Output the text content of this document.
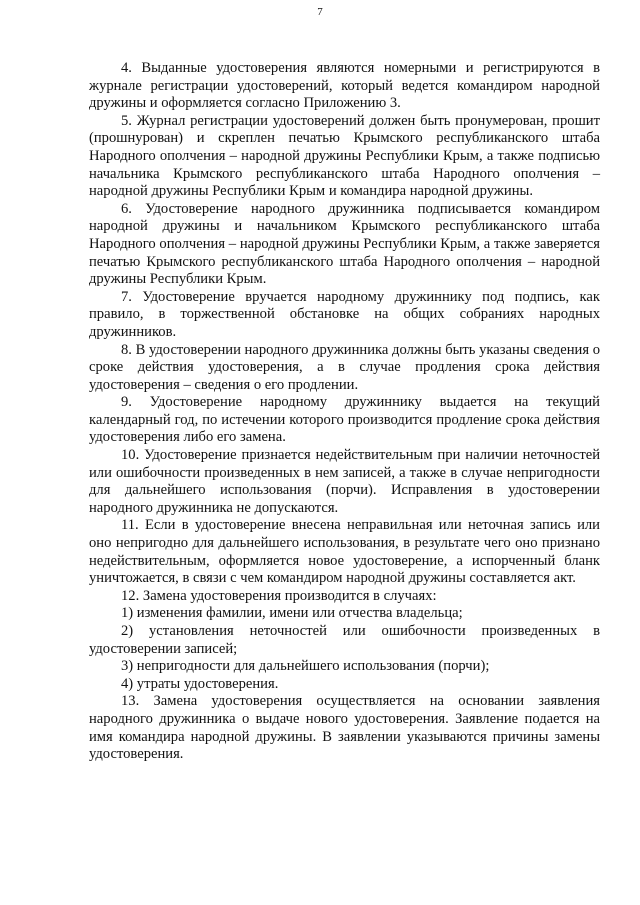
7

4. Выданные удостоверения являются номерными и регистрируются в журнале регистрации удостоверений, который ведется командиром народной дружины и оформляется согласно Приложению 3.

5. Журнал регистрации удостоверений должен быть пронумерован, прошит (прошнурован) и скреплен печатью Крымского республиканского штаба Народного ополчения – народной дружины Республики Крым, а также подписью начальника Крымского республиканского штаба Народного ополчения – народной дружины Республики Крым и командира народной дружины.

6. Удостоверение народного дружинника подписывается командиром народной дружины и начальником Крымского республиканского штаба Народного ополчения – народной дружины Республики Крым, а также заверяется печатью Крымского республиканского штаба Народного ополчения – народной дружины Республики Крым.

7. Удостоверение вручается народному дружиннику под подпись, как правило, в торжественной обстановке на общих собраниях народных дружинников.

8. В удостоверении народного дружинника должны быть указаны сведения о сроке действия удостоверения, а в случае продления срока действия удостоверения – сведения о его продлении.

9. Удостоверение народному дружиннику выдается на текущий календарный год, по истечении которого производится продление срока действия удостоверения либо его замена.

10. Удостоверение признается недействительным при наличии неточностей или ошибочности произведенных в нем записей, а также в случае непригодности для дальнейшего использования (порчи). Исправления в удостоверении народного дружинника не допускаются.

11. Если в удостоверение внесена неправильная или неточная запись или оно непригодно для дальнейшего использования, в результате чего оно признано недействительным, оформляется новое удостоверение, а испорченный бланк уничтожается, в связи с чем командиром народной дружины составляется акт.

12. Замена удостоверения производится в случаях:

1) изменения фамилии, имени или отчества владельца;

2) установления неточностей или ошибочности произведенных в удостоверении записей;

3) непригодности для дальнейшего использования (порчи);

4) утраты удостоверения.

13. Замена удостоверения осуществляется на основании заявления народного дружинника о выдаче нового удостоверения. Заявление подается на имя командира народной дружины. В заявлении указываются причины замены удостоверения.
